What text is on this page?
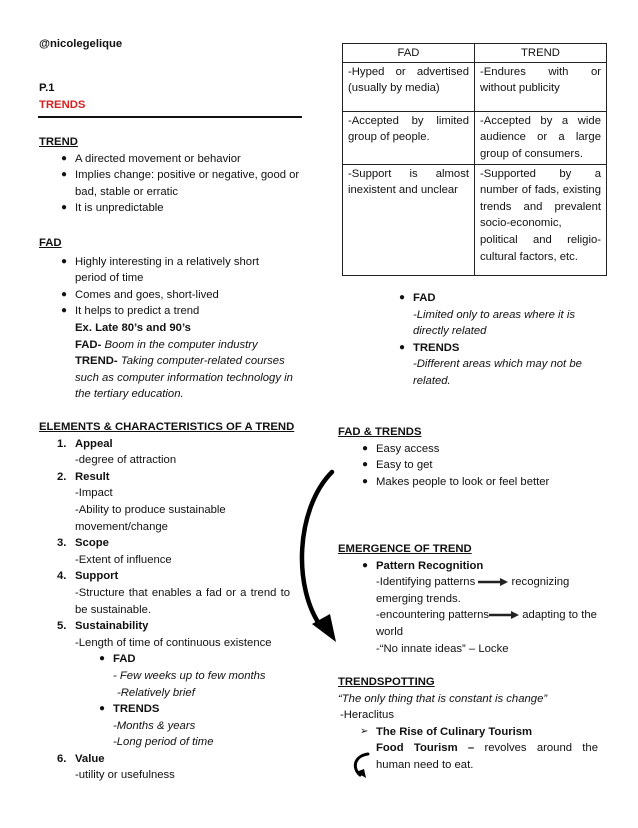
@nicolegelique
P.1
TRENDS
TREND
● A directed movement or behavior
● Implies change: positive or negative, good or bad, stable or erratic
● It is unpredictable
FAD
● Highly interesting in a relatively short period of time
● Comes and goes, short-lived
● It helps to predict a trend
Ex. Late 80’s and 90’s
FAD- Boom in the computer industry
TREND- Taking computer-related courses such as computer information technology in the tertiary education.
ELEMENTS & CHARACTERISTICS OF A TREND
1. Appeal
-degree of attraction
2. Result
-Impact
-Ability to produce sustainable movement/change
3. Scope
-Extent of influence
4. Support
-Structure that enables a fad or a trend to be sustainable.
5. Sustainability
-Length of time of continuous existence
● FAD
- Few weeks up to few months
-Relatively brief
● TRENDS
-Months & years
-Long period of time
6. Value
-utility or usefulness
FAD	TREND
-Hyped or advertised (usually by media)	-Endures with or without publicity
-Accepted by limited group of people.	-Accepted by a wide audience or a large group of consumers.
-Support is almost inexistent and unclear	-Supported by a number of fads, existing trends and prevalent socio-economic, political and religio-cultural factors, etc.
● FAD
-Limited only to areas where it is directly related
● TRENDS
-Different areas which may not be related.
FAD & TRENDS
● Easy access
● Easy to get
● Makes people to look or feel better
EMERGENCE OF TREND
● Pattern Recognition
-Identifying patterns	recognizing
emerging trends.
-encountering patterns	adapting to the
world
-“No innate ideas” – Locke
TRENDSPOTTING
“The only thing that is constant is change”
-Heraclitus
➢ The Rise of Culinary Tourism
Food Tourism – revolves around the human need to eat.
